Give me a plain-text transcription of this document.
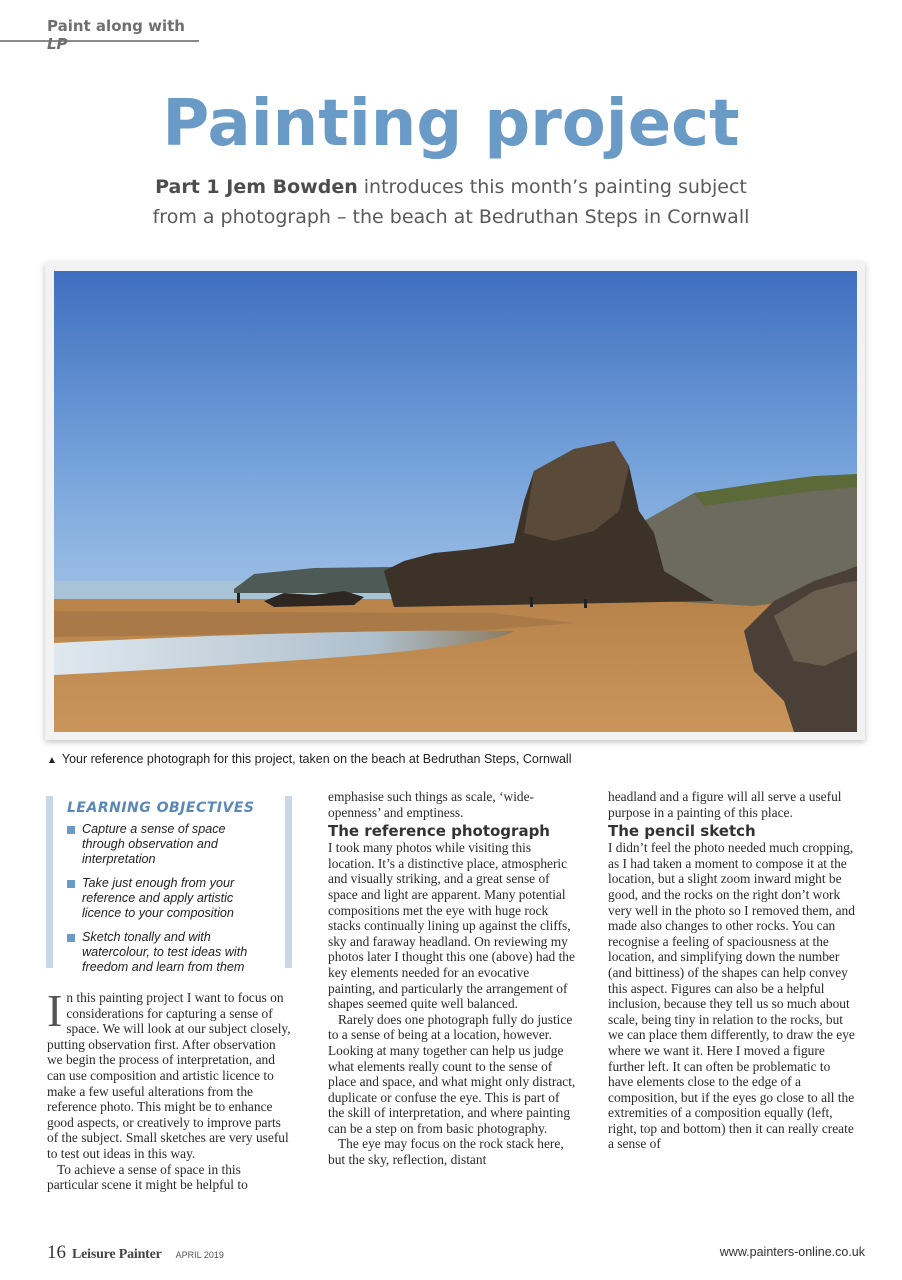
Paint along with LP
Painting project
Part 1 Jem Bowden introduces this month’s painting subject
from a photograph – the beach at Bedruthan Steps in Cornwall
▲ Your reference photograph for this project, taken on the beach at Bedruthan Steps, Cornwall
LEARNING OBJECTIVES
Capture a sense of space through observation and interpretation
Take just enough from your reference and apply artistic licence to your composition
Sketch tonally and with watercolour, to test ideas with freedom and learn from them

In this painting project I want to focus on considerations for capturing a sense of space. We will look at our subject closely, putting observation first. After observation we begin the process of interpretation, and can use composition and artistic licence to make a few useful alterations from the reference photo. This might be to enhance good aspects, or creatively to improve parts of the subject. Small sketches are very useful to test out ideas in this way.

To achieve a sense of space in this particular scene it might be helpful to

emphasise such things as scale, ‘wide-openness’ and emptiness.

The reference photograph

I took many photos while visiting this location. It’s a distinctive place, atmospheric and visually striking, and a great sense of space and light are apparent. Many potential compositions met the eye with huge rock stacks continually lining up against the cliffs, sky and faraway headland. On reviewing my photos later I thought this one (above) had the key elements needed for an evocative painting, and particularly the arrangement of shapes seemed quite well balanced.

Rarely does one photograph fully do justice to a sense of being at a location, however. Looking at many together can help us judge what elements really count to the sense of place and space, and what might only distract, duplicate or confuse the eye. This is part of the skill of interpretation, and where painting can be a step on from basic photography.

The eye may focus on the rock stack here, but the sky, reflection, distant

headland and a figure will all serve a useful purpose in a painting of this place.

The pencil sketch

I didn’t feel the photo needed much cropping, as I had taken a moment to compose it at the location, but a slight zoom inward might be good, and the rocks on the right don’t work very well in the photo so I removed them, and made also changes to other rocks. You can recognise a feeling of spaciousness at the location, and simplifying down the number (and bittiness) of the shapes can help convey this aspect. Figures can also be a helpful inclusion, because they tell us so much about scale, being tiny in relation to the rocks, but we can place them differently, to draw the eye where we want it. Here I moved a figure further left. It can often be problematic to have elements close to the edge of a composition, but if the eyes go close to all the extremities of a composition equally (left, right, top and bottom) then it can really create a sense of

16 Leisure Painter APRIL 2019	www.painters-online.co.uk
